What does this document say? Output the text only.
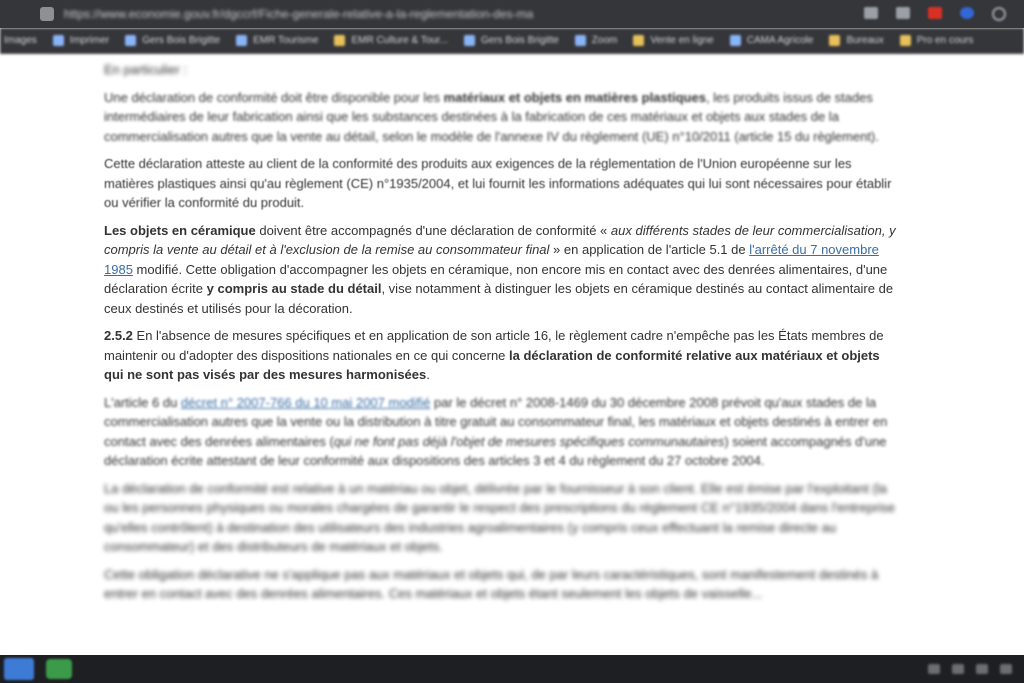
https://www.economie.gouv.fr/dgccrf/Fiche-generale-relative-a-la-reglementation-des-ma
Images	Imprimer	Gers Bois Brigitte	EMR Tourisme	EMR Culture & Tour...	Gers Bois Brigitte	Zoom	Vente en ligne	CAMA Agricole	Bureaux	Pro en cours

En particulier :

Une déclaration de conformité doit être disponible pour les matériaux et objets en matières plastiques, les produits issus de stades intermédiaires de leur fabrication ainsi que les substances destinées à la fabrication de ces matériaux et objets aux stades de la commercialisation autres que la vente au détail, selon le modèle de l'annexe IV du règlement (UE) n°10/2011 (article 15 du règlement).

Cette déclaration atteste au client de la conformité des produits aux exigences de la réglementation de l'Union européenne sur les matières plastiques ainsi qu'au règlement (CE) n°1935/2004, et lui fournit les informations adéquates qui lui sont nécessaires pour établir ou vérifier la conformité du produit.

Les objets en céramique doivent être accompagnés d'une déclaration de conformité « aux différents stades de leur commercialisation, y compris la vente au détail et à l'exclusion de la remise au consommateur final » en application de l'article 5.1 de l'arrêté du 7 novembre 1985 modifié. Cette obligation d'accompagner les objets en céramique, non encore mis en contact avec des denrées alimentaires, d'une déclaration écrite y compris au stade du détail, vise notamment à distinguer les objets en céramique destinés au contact alimentaire de ceux destinés et utilisés pour la décoration.

2.5.2 En l'absence de mesures spécifiques et en application de son article 16, le règlement cadre n'empêche pas les États membres de maintenir ou d'adopter des dispositions nationales en ce qui concerne la déclaration de conformité relative aux matériaux et objets qui ne sont pas visés par des mesures harmonisées.

L'article 6 du décret n° 2007-766 du 10 mai 2007 modifié par le décret n° 2008-1469 du 30 décembre 2008 prévoit qu'aux stades de la commercialisation autres que la vente ou la distribution à titre gratuit au consommateur final, les matériaux et objets destinés à entrer en contact avec des denrées alimentaires (qui ne font pas déjà l'objet de mesures spécifiques communautaires) soient accompagnés d'une déclaration écrite attestant de leur conformité aux dispositions des articles 3 et 4 du règlement du 27 octobre 2004.

La déclaration de conformité est relative à un matériau ou objet, délivrée par le fournisseur à son client. Elle est émise par l'exploitant (la ou les personnes physiques ou morales chargées de garantir le respect des prescriptions du règlement CE n°1935/2004 dans l'entreprise qu'elles contrôlent) à destination des utilisateurs des industries agroalimentaires (y compris ceux effectuant la remise directe au consommateur) et des distributeurs de matériaux et objets.

Cette obligation déclarative ne s'applique pas aux matériaux et objets qui, de par leurs caractéristiques, sont manifestement destinés à entrer en contact avec des denrées alimentaires. Ces matériaux et objets étant seulement les objets de vaisselle...
